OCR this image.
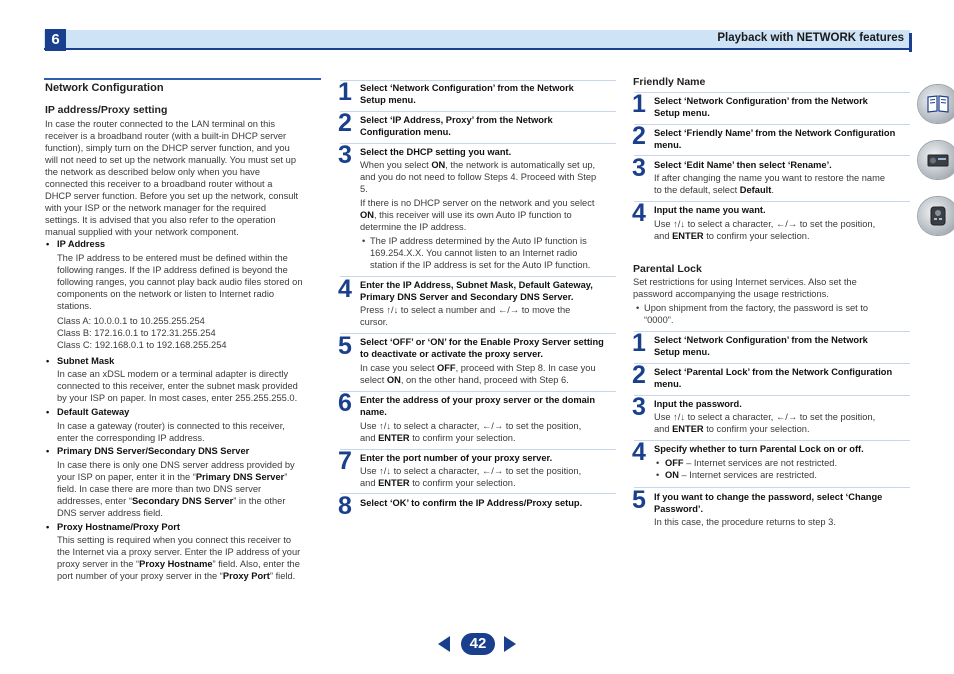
6	Playback with NETWORK features
Network Configuration
IP address/Proxy setting
In case the router connected to the LAN terminal on this
receiver is a broadband router (with a built-in DHCP server
function), simply turn on the DHCP server function, and you
will not need to set up the network manually. You must set up
the network as described below only when you have
connected this receiver to a broadband router without a
DHCP server function. Before you set up the network, consult
with your ISP or the network manager for the required
settings. It is advised that you also refer to the operation
manual supplied with your network component.
• IP Address
The IP address to be entered must be defined within the
following ranges. If the IP address defined is beyond the
following ranges, you cannot play back audio files stored on
components on the network or listen to Internet radio
stations.
Class A: 10.0.0.1 to 10.255.255.254
Class B: 172.16.0.1 to 172.31.255.254
Class C: 192.168.0.1 to 192.168.255.254
• Subnet Mask
In case an xDSL modem or a terminal adapter is directly
connected to this receiver, enter the subnet mask provided
by your ISP on paper. In most cases, enter 255.255.255.0.
• Default Gateway
In case a gateway (router) is connected to this receiver,
enter the corresponding IP address.
• Primary DNS Server/Secondary DNS Server
In case there is only one DNS server address provided by
your ISP on paper, enter it in the “Primary DNS Server”
field. In case there are more than two DNS server
addresses, enter “Secondary DNS Server” in the other
DNS server address field.
• Proxy Hostname/Proxy Port
This setting is required when you connect this receiver to
the Internet via a proxy server. Enter the IP address of your
proxy server in the “Proxy Hostname” field. Also, enter the
port number of your proxy server in the “Proxy Port” field.
1 Select ‘Network Configuration’ from the Network
Setup menu.
2 Select ‘IP Address, Proxy’ from the Network
Configuration menu.
3 Select the DHCP setting you want.
When you select ON, the network is automatically set up,
and you do not need to follow Steps 4. Proceed with Step
5.
If there is no DHCP server on the network and you select
ON, this receiver will use its own Auto IP function to
determine the IP address.
• The IP address determined by the Auto IP function is
169.254.X.X. You cannot listen to an Internet radio
station if the IP address is set for the Auto IP function.
4 Enter the IP Address, Subnet Mask, Default Gateway,
Primary DNS Server and Secondary DNS Server.
Press ↑/↓ to select a number and ←/→ to move the
cursor.
5 Select ‘OFF’ or ‘ON’ for the Enable Proxy Server setting
to deactivate or activate the proxy server.
In case you select OFF, proceed with Step 8. In case you
select ON, on the other hand, proceed with Step 6.
6 Enter the address of your proxy server or the domain
name.
Use ↑/↓ to select a character, ←/→ to set the position,
and ENTER to confirm your selection.
7 Enter the port number of your proxy server.
Use ↑/↓ to select a character, ←/→ to set the position,
and ENTER to confirm your selection.
8 Select ‘OK’ to confirm the IP Address/Proxy setup.
Friendly Name
1 Select ‘Network Configuration’ from the Network
Setup menu.
2 Select ‘Friendly Name’ from the Network Configuration
menu.
3 Select ‘Edit Name’ then select ‘Rename’.
If after changing the name you want to restore the name
to the default, select Default.
4 Input the name you want.
Use ↑/↓ to select a character, ←/→ to set the position,
and ENTER to confirm your selection.
Parental Lock
Set restrictions for using Internet services. Also set the
password accompanying the usage restrictions.
• Upon shipment from the factory, the password is set to
“0000”.
1 Select ‘Network Configuration’ from the Network
Setup menu.
2 Select ‘Parental Lock’ from the Network Configuration
menu.
3 Input the password.
Use ↑/↓ to select a character, ←/→ to set the position,
and ENTER to confirm your selection.
4 Specify whether to turn Parental Lock on or off.
• OFF – Internet services are not restricted.
• ON – Internet services are restricted.
5 If you want to change the password, select ‘Change
Password’.
In this case, the procedure returns to step 3.
42
